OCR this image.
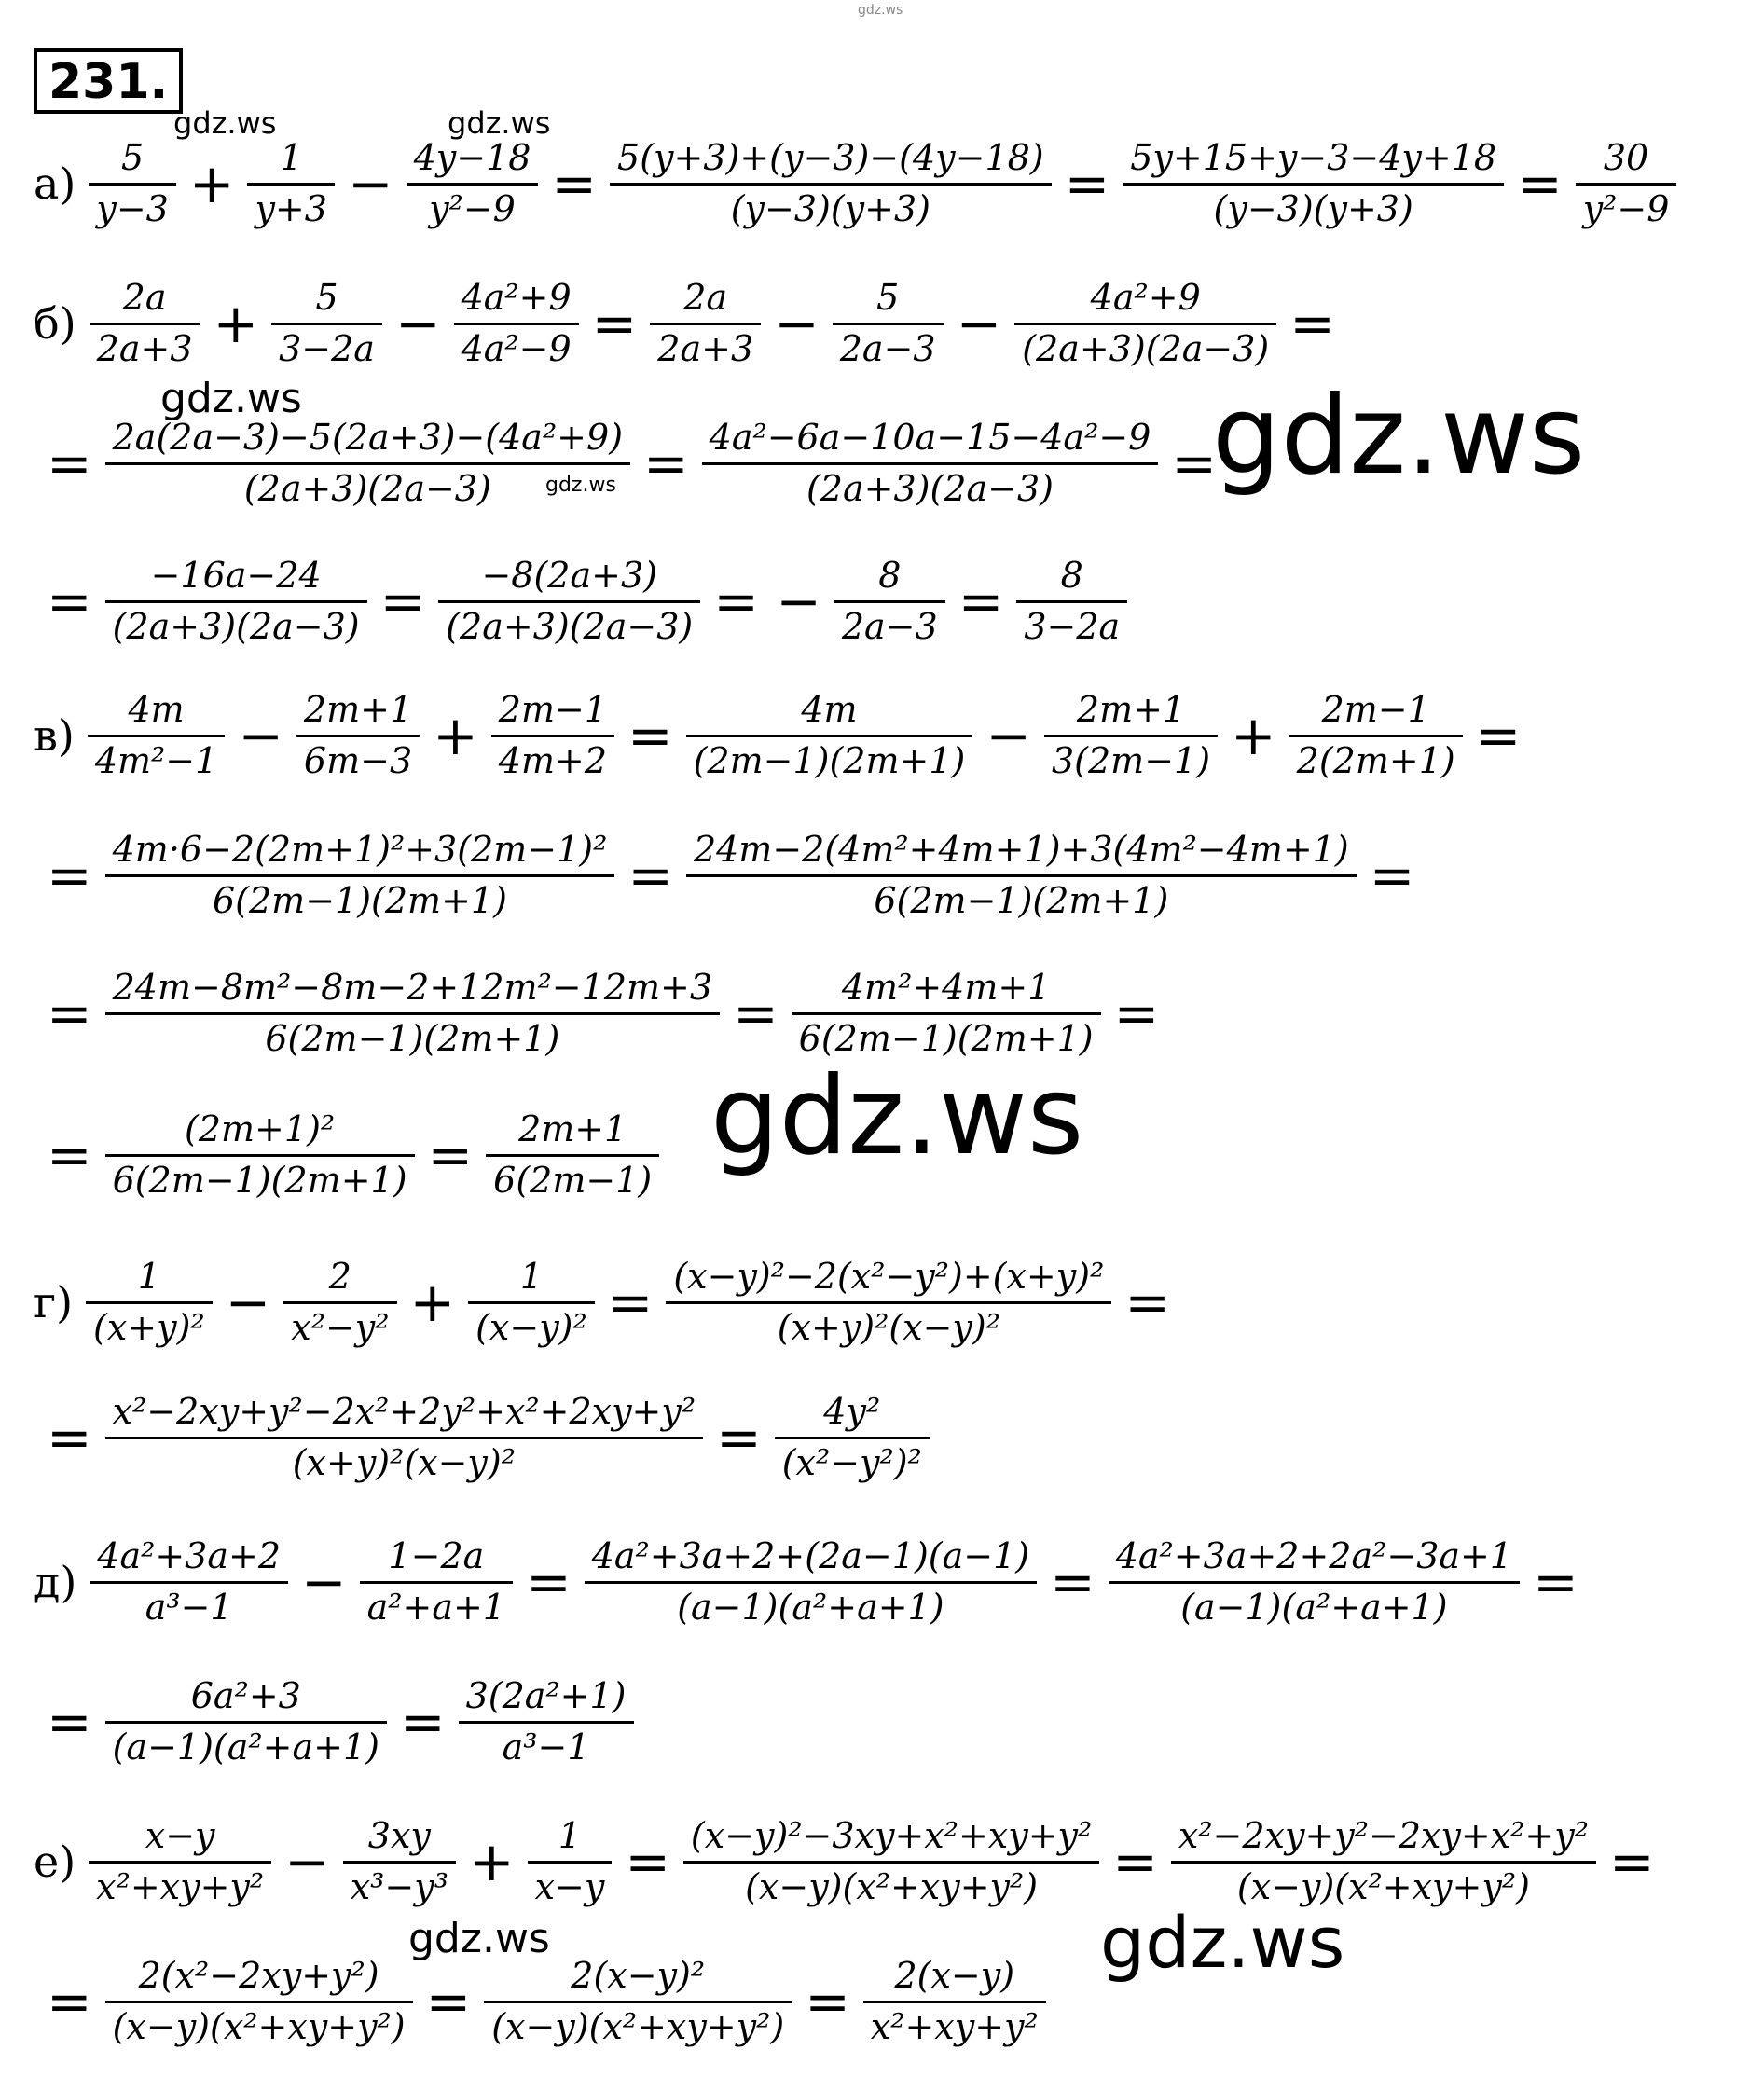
231.
$а) \frac{5}{y-3} + \frac{1}{y+3} - \frac{4y-18}{\text{y²−9}} = \frac{5(y+3)+(y-3)-(4y-18)}{(y-3)(y+3)} = \frac{5y+15+y-3-4y+18}{(y-3)(y+3)} = \frac{30}{\text{y²−9}}$
$б) \frac{2a}{2a+3} + \frac{5}{3-2a} - \frac{\text{4a²+9}}{\text{4a²−9}} = \frac{2a}{2a+3} - \frac{5}{2a-3} - \frac{\text{4a²+9}}{(2a+3)(2a-3)}$ =
= $\frac{\text{2a(2a−3)−5(2a+3)−(4a²+9)}}{(2a+3)(2a-3)} = \frac{\text{4a²−6a−10a−15−4a²−9}}{(2a+3)(2a-3)}$ =
= $\frac{-16a-24}{(2a+3)(2a-3)} = \frac{-8(2a+3)}{(2a+3)(2a-3)}$ = − $\frac{8}{2a-3} = \frac{8}{3-2a}$
$в) \frac{4m}{\text{4m²−1}} - \frac{2m+1}{6m-3} + \frac{2m-1}{4m+2} = \frac{4m}{(2m-1)(2m+1)} - \frac{2m+1}{3(2m-1)} + \frac{2m-1}{2(2m+1)}$ =
= $\frac{\text{4m·6−2(2m+1)²+3(2m−1)²}}{6(2m-1)(2m+1)} = \frac{\text{24m−2(4m²+4m+1)+3(4m²−4m+1)}}{6(2m-1)(2m+1)}$ =
= $\frac{\text{24m−8m²−8m−2+12m²−12m+3}}{6(2m-1)(2m+1)} = \frac{\text{4m²+4m+1}}{6(2m-1)(2m+1)}$ =
= $\frac{\text{(2m+1)²}}{6(2m-1)(2m+1)} = \frac{2m+1}{6(2m-1)}$
$г) \frac{1}{\text{(x+y)²}} - \frac{2}{\text{x²−y²}} + \frac{1}{\text{(x−y)²}} = \frac{\text{(x−y)²−2(x²−y²)+(x+y)²}}{\text{(x+y)²(x−y)²}}$ =
= $\frac{\text{x²−2xy+y²−2x²+2y²+x²+2xy+y²}}{\text{(x+y)²(x−y)²}} = \frac{\text{4y²}}{\text{(x²−y²)²}}$
$д) \frac{\text{4a²+3a+2}}{\text{a³−1}} - \frac{1-2a}{\text{a²+a+1}} = \frac{\text{4a²+3a+2+(2a−1)(a−1)}}{\text{(a−1)(a²+a+1)}} = \frac{\text{4a²+3a+2+2a²−3a+1}}{\text{(a−1)(a²+a+1)}}$ =
= $\frac{\text{6a²+3}}{\text{(a−1)(a²+a+1)}} = \frac{\text{3(2a²+1)}}{\text{a³−1}}$
$е) \frac{x-y}{\text{x²+xy+y²}} - \frac{3xy}{\text{x³−y³}} + \frac{1}{x-y} = \frac{\text{(x−y)²−3xy+x²+xy+y²}}{\text{(x−y)(x²+xy+y²)}} = \frac{\text{x²−2xy+y²−2xy+x²+y²}}{\text{(x−y)(x²+xy+y²)}}$ =
= $\frac{\text{2(x²−2xy+y²)}}{\text{(x−y)(x²+xy+y²)}} = \frac{\text{2(x−y)²}}{\text{(x−y)(x²+xy+y²)}} = \frac{2(x-y)}{\text{x²+xy+y²}}$
gdz.ws
gdz.ws	gdz.ws
gdz.ws
gdz.ws	gdz.ws
gdz.ws
gdz.ws	gdz.ws
